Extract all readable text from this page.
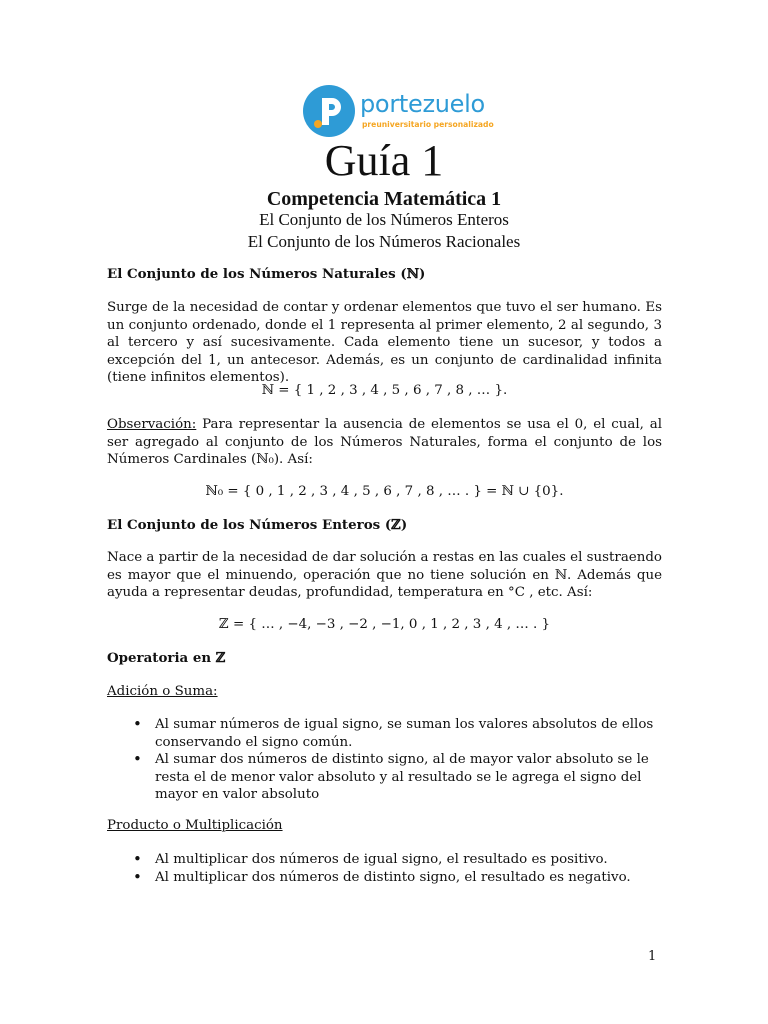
portezuelo
preuniversitario personalizado
Guía 1
Competencia Matemática 1
El Conjunto de los Números Enteros
El Conjunto de los Números Racionales
El Conjunto de los Números Naturales (ℕ)
Surge de la necesidad de contar y ordenar elementos que tuvo el ser humano. Es un conjunto ordenado, donde el 1 representa al primer elemento, 2 al segundo, 3 al tercero y así sucesivamente. Cada elemento tiene un sucesor, y todos a excepción del 1, un antecesor. Además, es un conjunto de cardinalidad infinita (tiene infinitos elementos).
ℕ = { 1 , 2 , 3 , 4 , 5 , 6 , 7 , 8 , … }.
Observación: Para representar la ausencia de elementos se usa el 0, el cual, al ser agregado al conjunto de los Números Naturales, forma el conjunto de los Números Cardinales (ℕ₀). Así:
ℕ₀ = { 0 , 1 , 2 , 3 , 4 , 5 , 6 , 7 , 8 , … . } = ℕ ∪ {0}.
El Conjunto de los Números Enteros (ℤ)
Nace a partir de la necesidad de dar solución a restas en las cuales el sustraendo es mayor que el minuendo, operación que no tiene solución en ℕ. Además que ayuda a representar deudas, profundidad, temperatura en °C , etc. Así:
ℤ = { … , −4, −3 , −2 , −1, 0 , 1 , 2 , 3 , 4 , … . }
Operatoria en ℤ
Adición o Suma:
• Al sumar números de igual signo, se suman los valores absolutos de ellos conservando el signo común.
• Al sumar dos números de distinto signo, al de mayor valor absoluto se le resta el de menor valor absoluto y al resultado se le agrega el signo del mayor en valor absoluto
Producto o Multiplicación
• Al multiplicar dos números de igual signo, el resultado es positivo.
• Al multiplicar dos números de distinto signo, el resultado es negativo.
1
